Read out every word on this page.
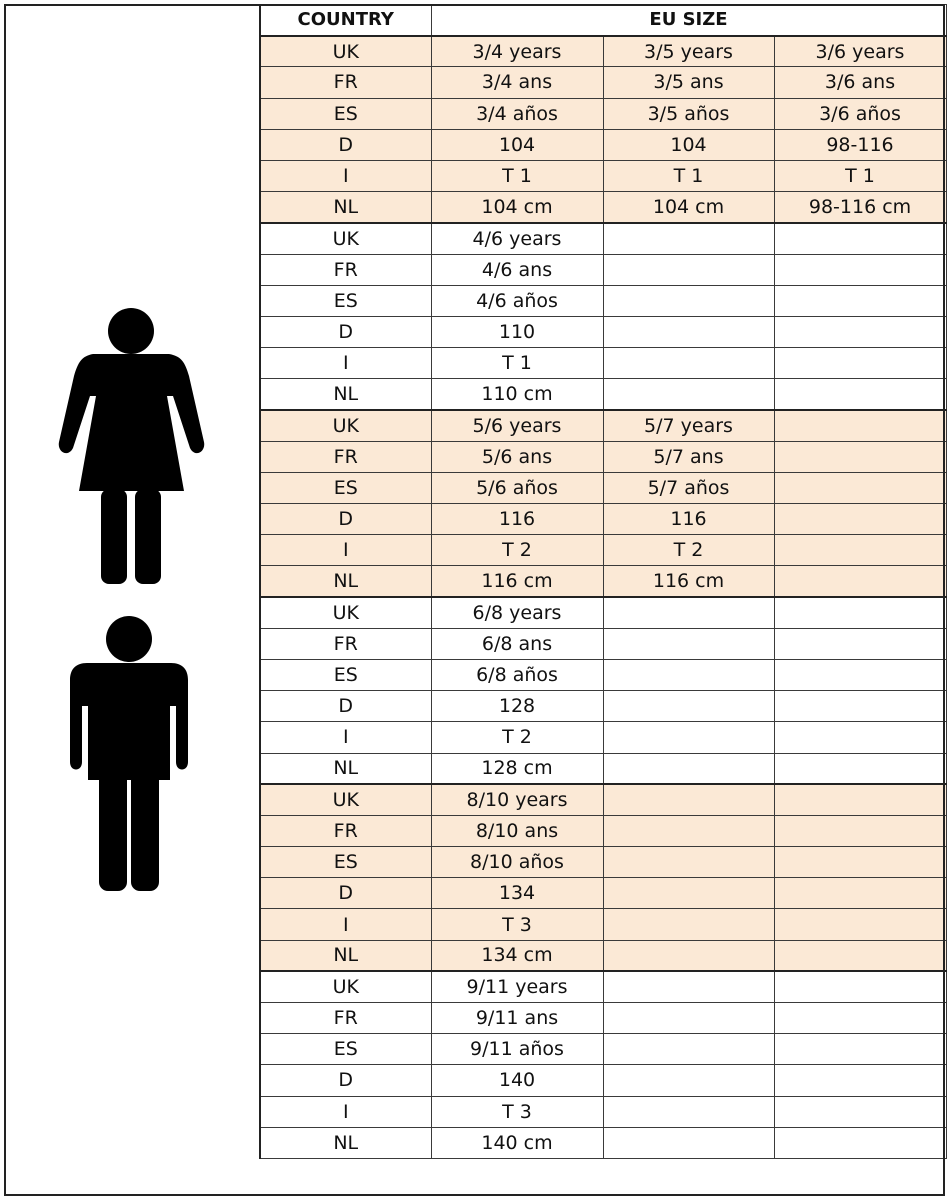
COUNTRY	EU SIZE		
UK	3/4 years	3/5 years	3/6 years
FR	3/4 ans	3/5 ans	3/6 ans
ES	3/4 años	3/5 años	3/6 años
D	104	104	98-116
I	T 1	T 1	T 1
NL	104 cm	104 cm	98-116 cm
UK	4/6 years		
FR	4/6 ans		
ES	4/6 años		
D	110		
I	T 1		
NL	110 cm		
UK	5/6 years	5/7 years	
FR	5/6 ans	5/7 ans	
ES	5/6 años	5/7 años	
D	116	116	
I	T 2	T 2	
NL	116 cm	116 cm	
UK	6/8 years		
FR	6/8 ans		
ES	6/8 años		
D	128		
I	T 2		
NL	128 cm		
UK	8/10 years		
FR	8/10 ans		
ES	8/10 años		
D	134		
I	T 3		
NL	134 cm		
UK	9/11 years		
FR	9/11 ans		
ES	9/11 años		
D	140		
I	T 3		
NL	140 cm		
